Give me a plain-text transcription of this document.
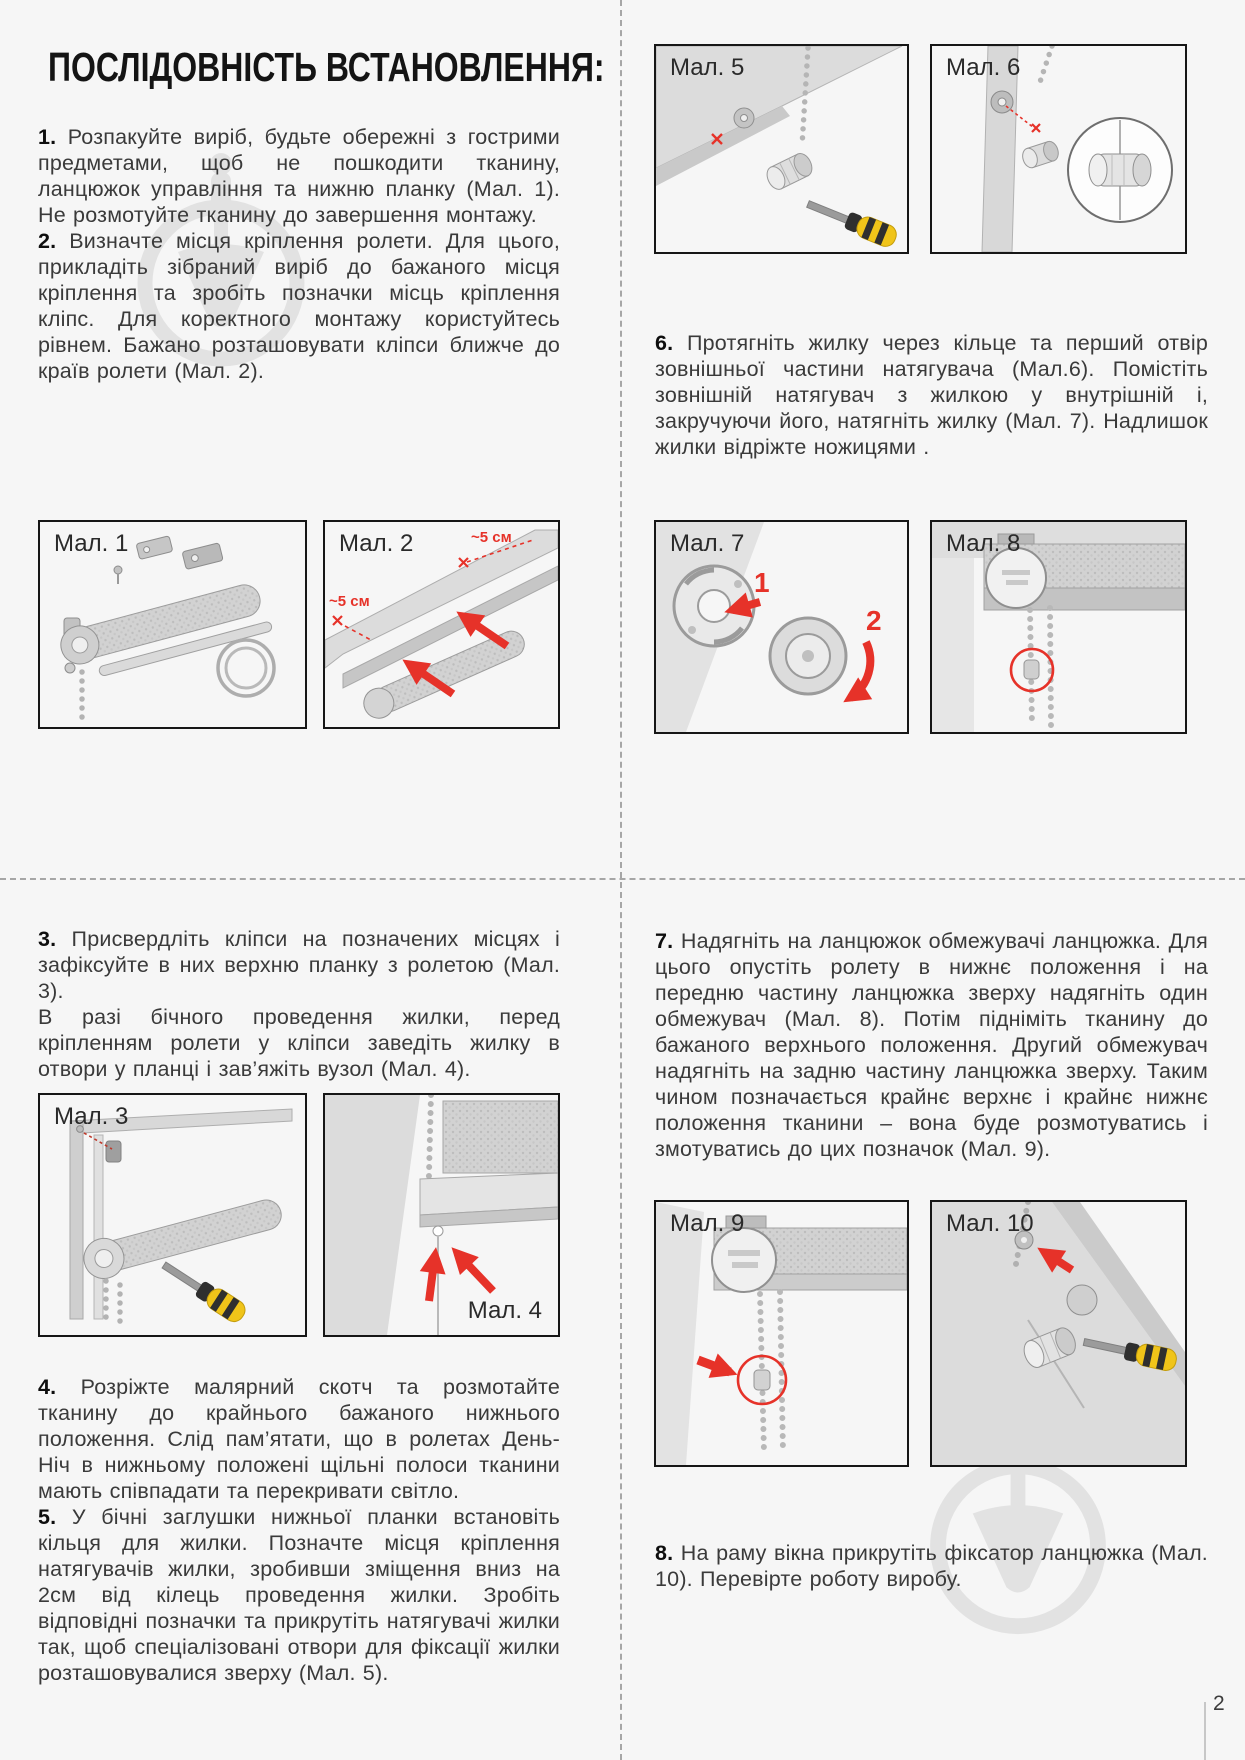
ПОСЛІДОВНІСТЬ ВСТАНОВЛЕННЯ:

1. Розпакуйте виріб, будьте обережні з гострими предметами, щоб не пошкодити тканину, ланцюжок управління та нижню планку (Мал. 1). Не розмотуйте тканину до завершення монтажу.

2. Визначте місця кріплення ролети. Для цього, прикладіть зібраний виріб до бажаного місця кріплення та зробіть позначки місць кріплення кліпс. Для коректного монтажу користуйтесь рівнем. Бажано розташовувати кліпси ближче до країв ролети (Мал. 2).

6. Протягніть жилку через кільце та перший отвір зовнішньої частини натягувача (Мал.6). Помістіть зовнішній натягувач з жилкою у внутрішній і, закручуючи його, натягніть жилку (Мал. 7). Надлишок жилки відріжте ножицями .

3. Присвердліть кліпси на позначених місцях і зафіксуйте в них верхню планку з ролетою (Мал. 3).

В разі бічного проведення жилки, перед кріпленням ролети у кліпси заведіть жилку в отвори у планці і зав’яжіть вузол (Мал. 4).

4. Розріжте малярний скотч та розмотайте тканину до крайнього бажаного нижнього положення. Слід пам’ятати, що в ролетах День-Ніч в нижньому положені щільні полоси тканини мають співпадати та перекривати світло.

5. У бічні заглушки нижньої планки встановіть кільця для жилки. Позначте місця кріплення натягувачів жилки, зробивши зміщення вниз на 2см від кілець проведення жилки. Зробіть відповідні позначки та прикрутіть натягувачі жилки так, щоб спеціалізовані отвори для фіксації жилки розташовувалися зверху (Мал. 5).

7. Надягніть на ланцюжок обмежувачі ланцюжка. Для цього опустіть ролету в нижнє положення і на передню частину ланцюжка зверху надягніть один обмежувач (Мал. 8). Потім підніміть тканину до бажаного верхнього положення. Другий обмежувач надягніть на задню частину ланцюжка зверху. Таким чином позначається крайнє верхнє і крайнє нижнє положення тканини – вона буде розмотуватись і змотуватись до цих позначок (Мал. 9).

8. На раму вікна прикрутіть фіксатор ланцюжка (Мал. 10). Перевірте роботу виробу.

Мал. 1	Мал. 2	~5 см
~5 см
Мал. 5	Мал. 6
Мал. 7
1
2
Мал. 8
Мал. 3
Мал. 4
Мал. 9	Мал. 10
2
